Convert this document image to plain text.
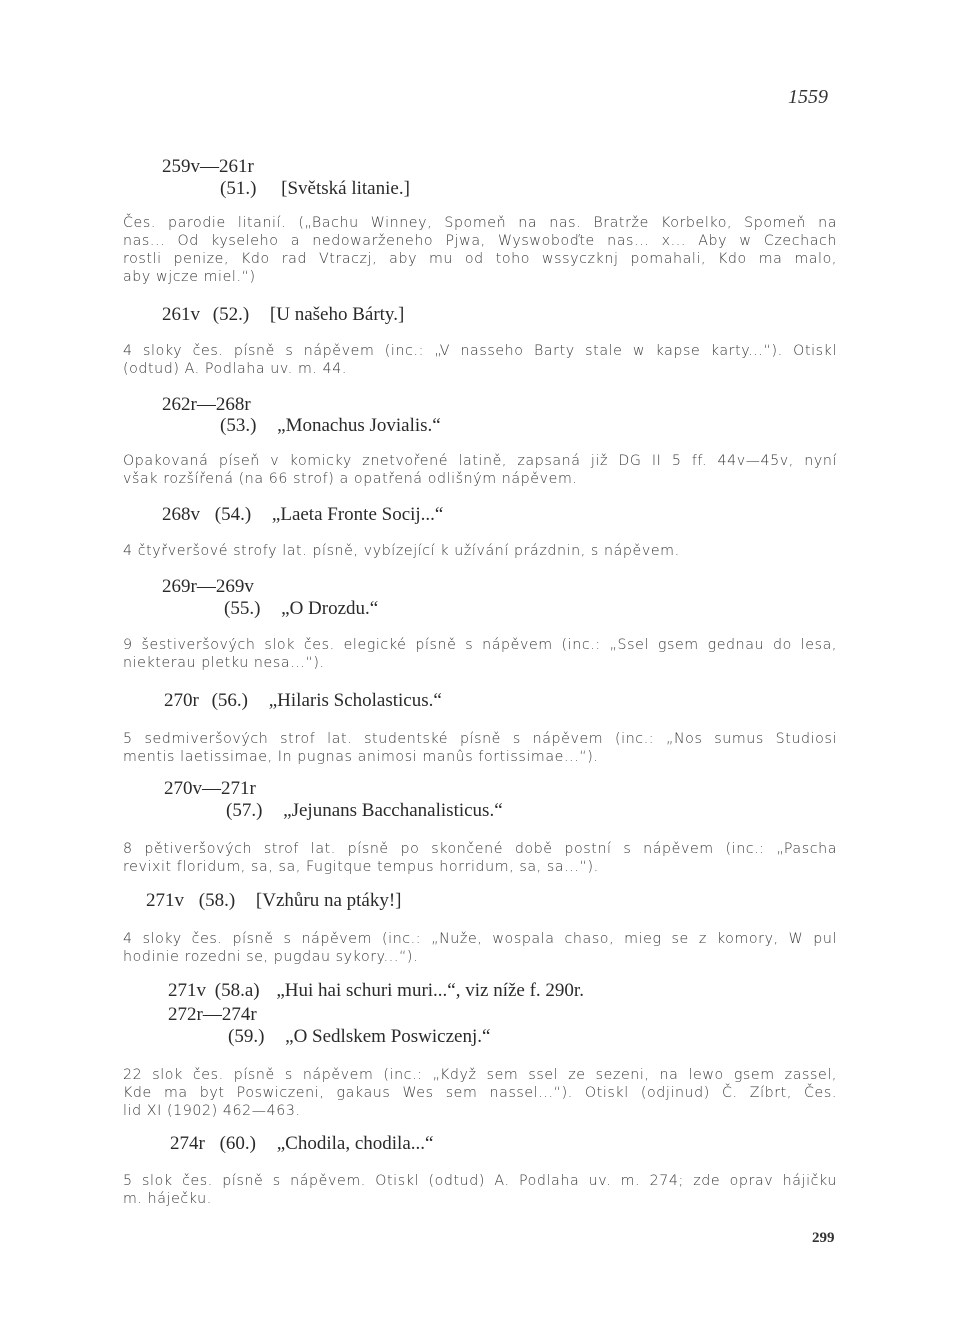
1559
259v—261r
(51.) [Světská litanie.]
Čes. parodie litanií. („Bachu Winney, Spomeň na nas. Bratrže Korbelko, Spomeň na
nas... Od kyseleho a nedowarženeho Pjwa, Wyswoboďte nas... x... Aby w Czechach
rostli penize, Kdo rad Vtraczj, aby mu od toho wssyczknj pomahali, Kdo ma malo,
aby wjcze miel.“)
261v (52.) [U našeho Bárty.]
4 sloky čes. písně s nápěvem (inc.: „V nasseho Barty stale w kapse karty...“). Otiskl
(odtud) A. Podlaha uv. m. 44.
262r—268r
(53.) „Monachus Jovialis.“
Opakovaná píseň v komicky znetvořené latině, zapsaná již DG II 5 ff. 44v—45v, nyní
však rozšířená (na 66 strof) a opatřená odlišným nápěvem.
268v (54.) „Laeta Fronte Socij...“
4 čtyřveršové strofy lat. písně, vybízející k užívání prázdnin, s nápěvem.
269r—269v
(55.) „O Drozdu.“
9 šestiveršových slok čes. elegické písně s nápěvem (inc.: „Ssel gsem gednau do lesa,
niekterau pletku nesa...“).
270r (56.) „Hilaris Scholasticus.“
5 sedmiveršových strof lat. studentské písně s nápěvem (inc.: „Nos sumus Studiosi
mentis laetissimae, In pugnas animosi manûs fortissimae...“).
270v—271r
(57.) „Jejunans Bacchanalisticus.“
8 pětiveršových strof lat. písně po skončené době postní s nápěvem (inc.: „Pascha
revixit floridum, sa, sa, Fugitque tempus horridum, sa, sa...“).
271v (58.) [Vzhůru na ptáky!]
4 sloky čes. písně s nápěvem (inc.: „Nuže, wospala chaso, mieg se z komory, W pul
hodinie rozedni se, pugdau sykory...“).
271v (58.a) „Hui hai schuri muri...“, viz níže f. 290r.
272r—274r
(59.) „O Sedlskem Poswiczenj.“
22 slok čes. písně s nápěvem (inc.: „Když sem ssel ze sezeni, na lewo gsem zassel,
Kde ma byt Poswiczeni, gakaus Wes sem nassel...“). Otiskl (odjinud) Č. Zíbrt, Čes.
lid XI (1902) 462—463.
274r (60.) „Chodila, chodila...“
5 slok čes. písně s nápěvem. Otiskl (odtud) A. Podlaha uv. m. 274; zde oprav hájičku
m. háječku.
299
